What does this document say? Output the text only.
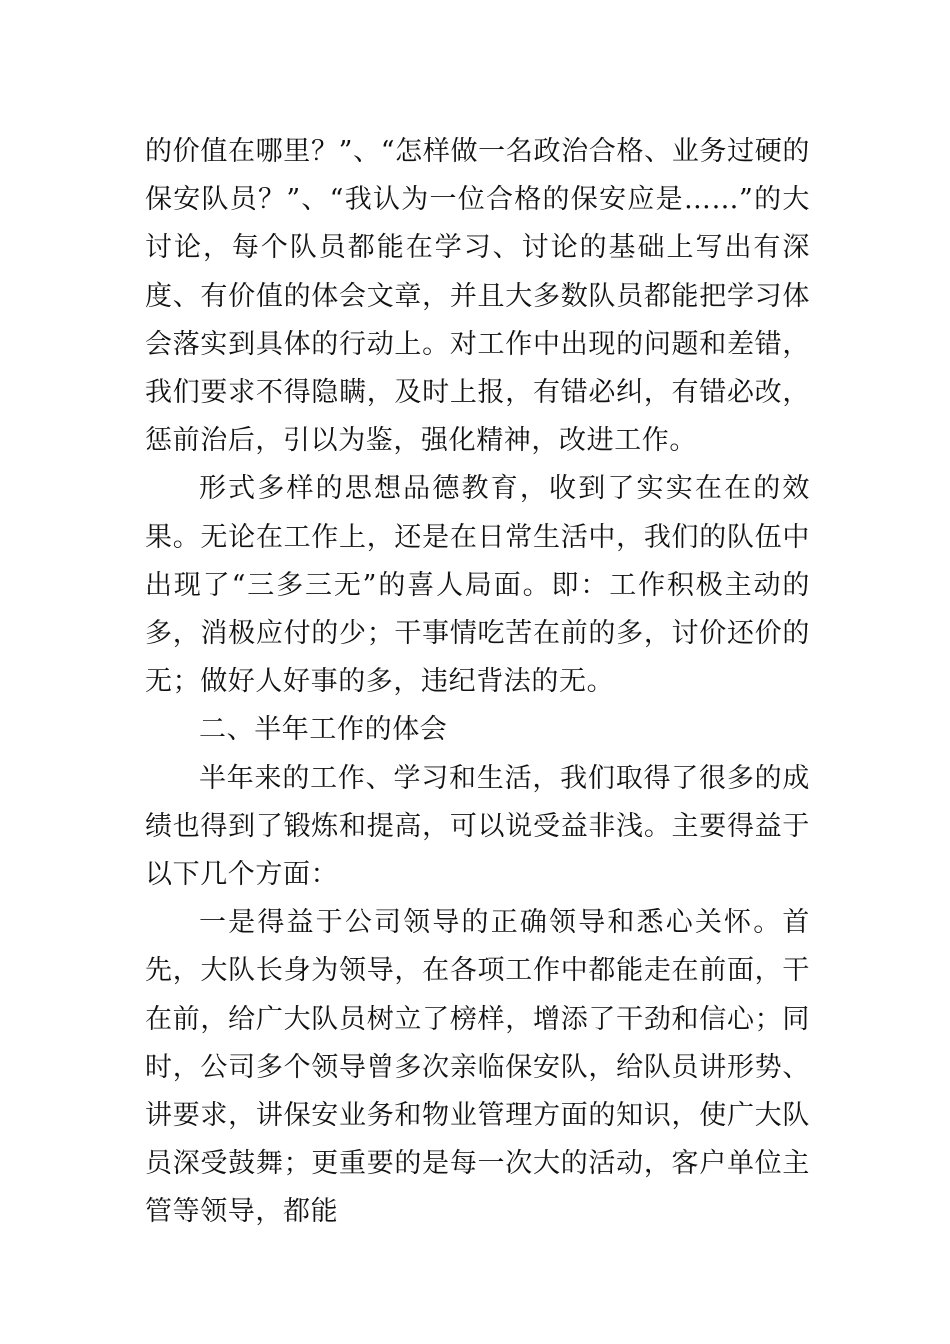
的价值在哪里？”、“怎样做一名政治合格、业务过硬的保安队员？”、“我认为一位合格的保安应是……”的大讨论，每个队员都能在学习、讨论的基础上写出有深度、有价值的体会文章，并且大多数队员都能把学习体会落实到具体的行动上。对工作中出现的问题和差错，我们要求不得隐瞒，及时上报，有错必纠，有错必改，惩前治后，引以为鉴，强化精神，改进工作。

形式多样的思想品德教育，收到了实实在在的效果。无论在工作上，还是在日常生活中，我们的队伍中出现了“三多三无”的喜人局面。即：工作积极主动的多，消极应付的少；干事情吃苦在前的多，讨价还价的无；做好人好事的多，违纪背法的无。

二、半年工作的体会

半年来的工作、学习和生活，我们取得了很多的成绩也得到了锻炼和提高，可以说受益非浅。主要得益于以下几个方面：

一是得益于公司领导的正确领导和悉心关怀。首先，大队长身为领导，在各项工作中都能走在前面，干在前，给广大队员树立了榜样，增添了干劲和信心；同时，公司多个领导曾多次亲临保安队，给队员讲形势、讲要求，讲保安业务和物业管理方面的知识，使广大队员深受鼓舞；更重要的是每一次大的活动，客户单位主管等领导，都能
